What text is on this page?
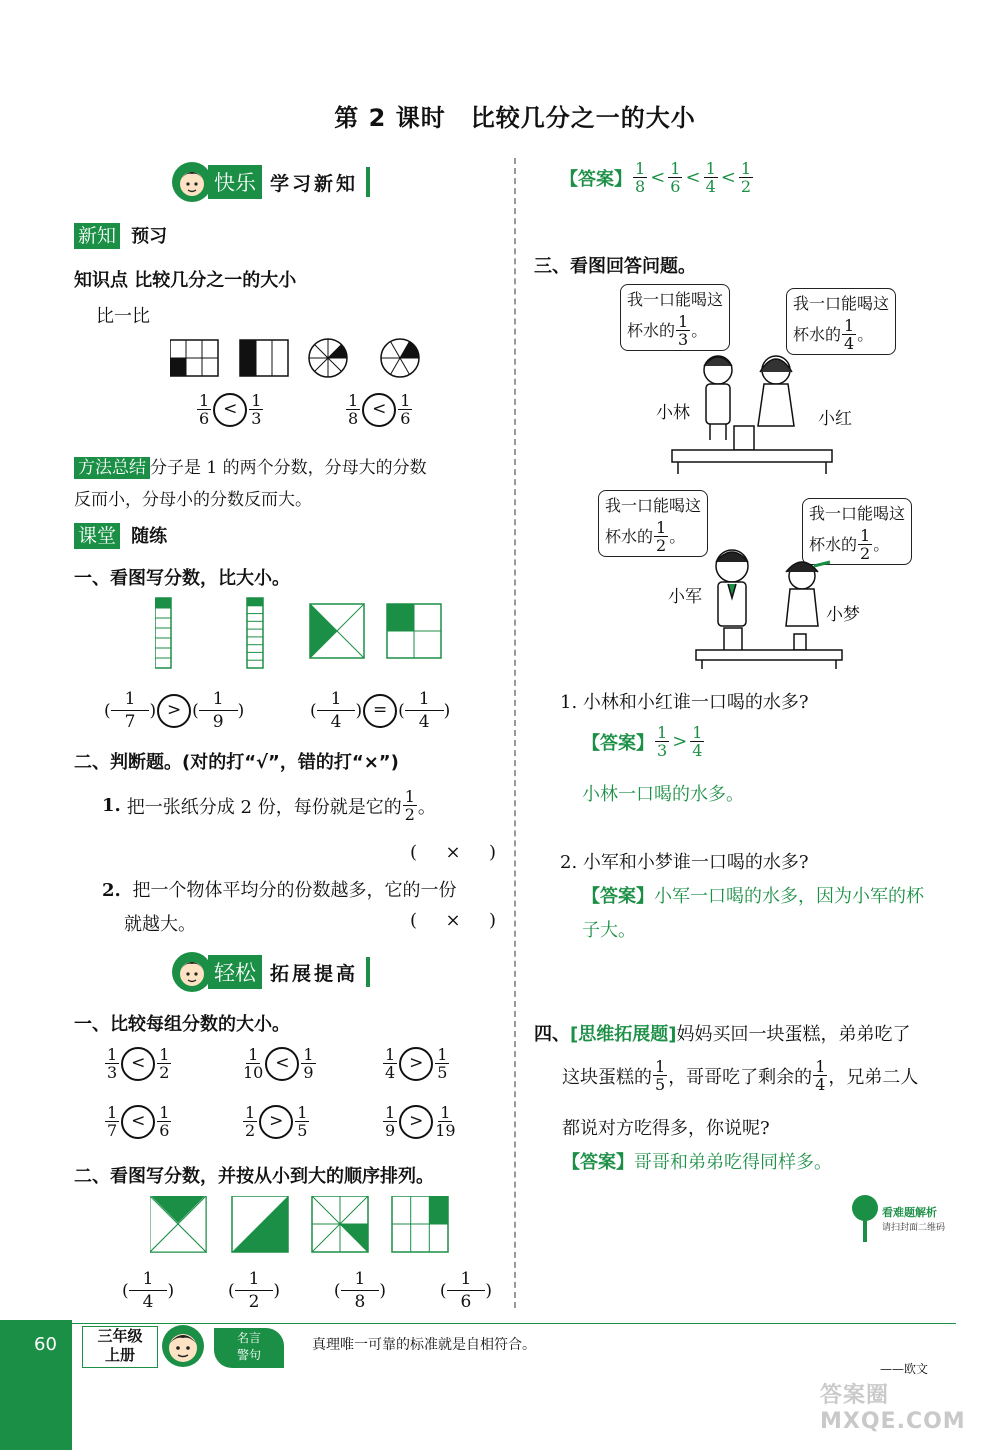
第 2 课时　比较几分之一的大小
快乐 学习新知
新知 预习
知识点 比较几分之一的大小
比一比
$\frac{1}{6} < \frac{1}{3}$	$\frac{1}{8} < \frac{1}{6}$
方法总结 分子是 1 的两个分数，分母大的分数
反而小，分母小的分数反而大。
课堂 随练
一、看图写分数，比大小。
(
1
7
) > (
1
9
)	(
1
4
) = (
1
4
)
二、判断题。(对的打“√”，错的打“×”)
1. 把一张纸分成 2 份，每份就是它的 $\frac{1}{2}$ 。
( × )
2. 把一个物体平均分的份数越多，它的一份
就越大。	( × )
轻松 拓展提高
一、比较每组分数的大小。
$\frac{1}{3} < \frac{1}{2}$	$\frac{1}{10} < \frac{1}{9}$	$\frac{1}{4} > \frac{1}{5}$
$\frac{1}{7} < \frac{1}{6}$	$\frac{1}{2} > \frac{1}{5}$	$\frac{1}{9} > \frac{1}{19}$
二、看图写分数，并按从小到大的顺序排列。
(
1
4
)	(
1
2
)	(
1
8
)	(
1
6
)
【答案】 $\frac{1}{8} < \frac{1}{6} < \frac{1}{4} < \frac{1}{2}$
三、看图回答问题。
我一口能喝这
杯水的 $\frac{1}{3}$ 。
我一口能喝这
杯水的 $\frac{1}{4}$ 。
小林	小红
我一口能喝这
杯水的 $\frac{1}{2}$ 。
我一口能喝这
杯水的 $\frac{1}{2}$ 。
小军
小梦
1. 小林和小红谁一口喝的水多?
【答案】 $\frac{1}{3} > \frac{1}{4}$
小林一口喝的水多。
2. 小军和小梦谁一口喝的水多?
【答案】小军一口喝的水多，因为小军的杯
子大。
四、[思维拓展题]妈妈买回一块蛋糕，弟弟吃了
这块蛋糕的 $\frac{1}{5}$ ，哥哥吃了剩余的 $\frac{1}{4}$ ，兄弟二人
都说对方吃得多，你说呢?
【答案】哥哥和弟弟吃得同样多。
看难题解析
请扫封面二维码
60	三年级
上册
名言
警句
真理唯一可靠的标准就是自相符合。
——欧文
答案圈 MXQE.COM
